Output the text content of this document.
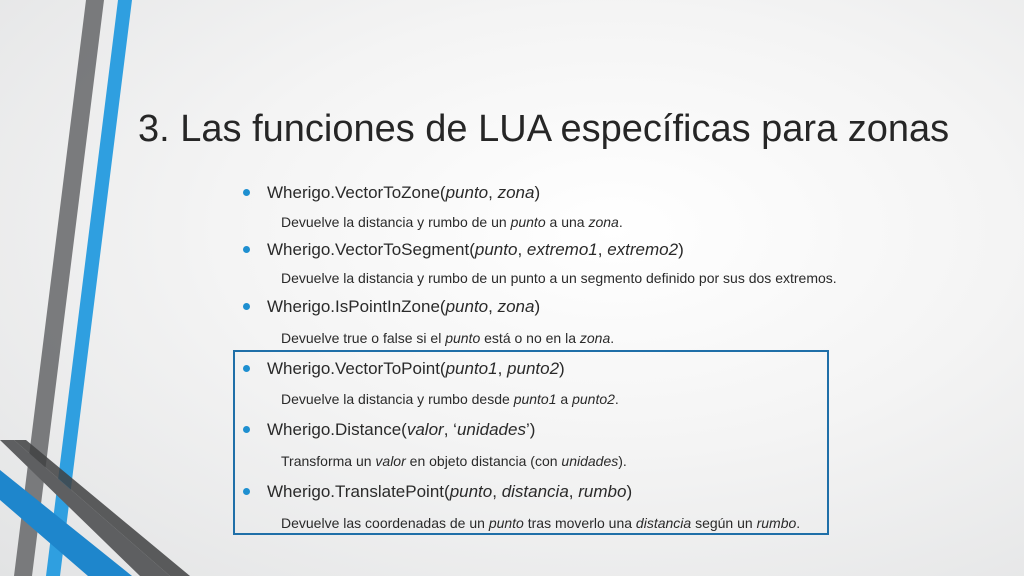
3. Las funciones de LUA específicas para zonas
Wherigo.VectorToZone(punto, zona)
Devuelve la distancia y rumbo de un punto a una zona.
Wherigo.VectorToSegment(punto, extremo1, extremo2)
Devuelve la distancia y rumbo de un punto a un segmento definido por sus dos extremos.
Wherigo.IsPointInZone(punto, zona)
Devuelve true o false si el punto está o no en la zona.
Wherigo.VectorToPoint(punto1, punto2)
Devuelve la distancia y rumbo desde punto1 a punto2.
Wherigo.Distance(valor, ‘unidades’)
Transforma un valor en objeto distancia (con unidades).
Wherigo.TranslatePoint(punto, distancia, rumbo)
Devuelve las coordenadas de un punto tras moverlo una distancia según un rumbo.
